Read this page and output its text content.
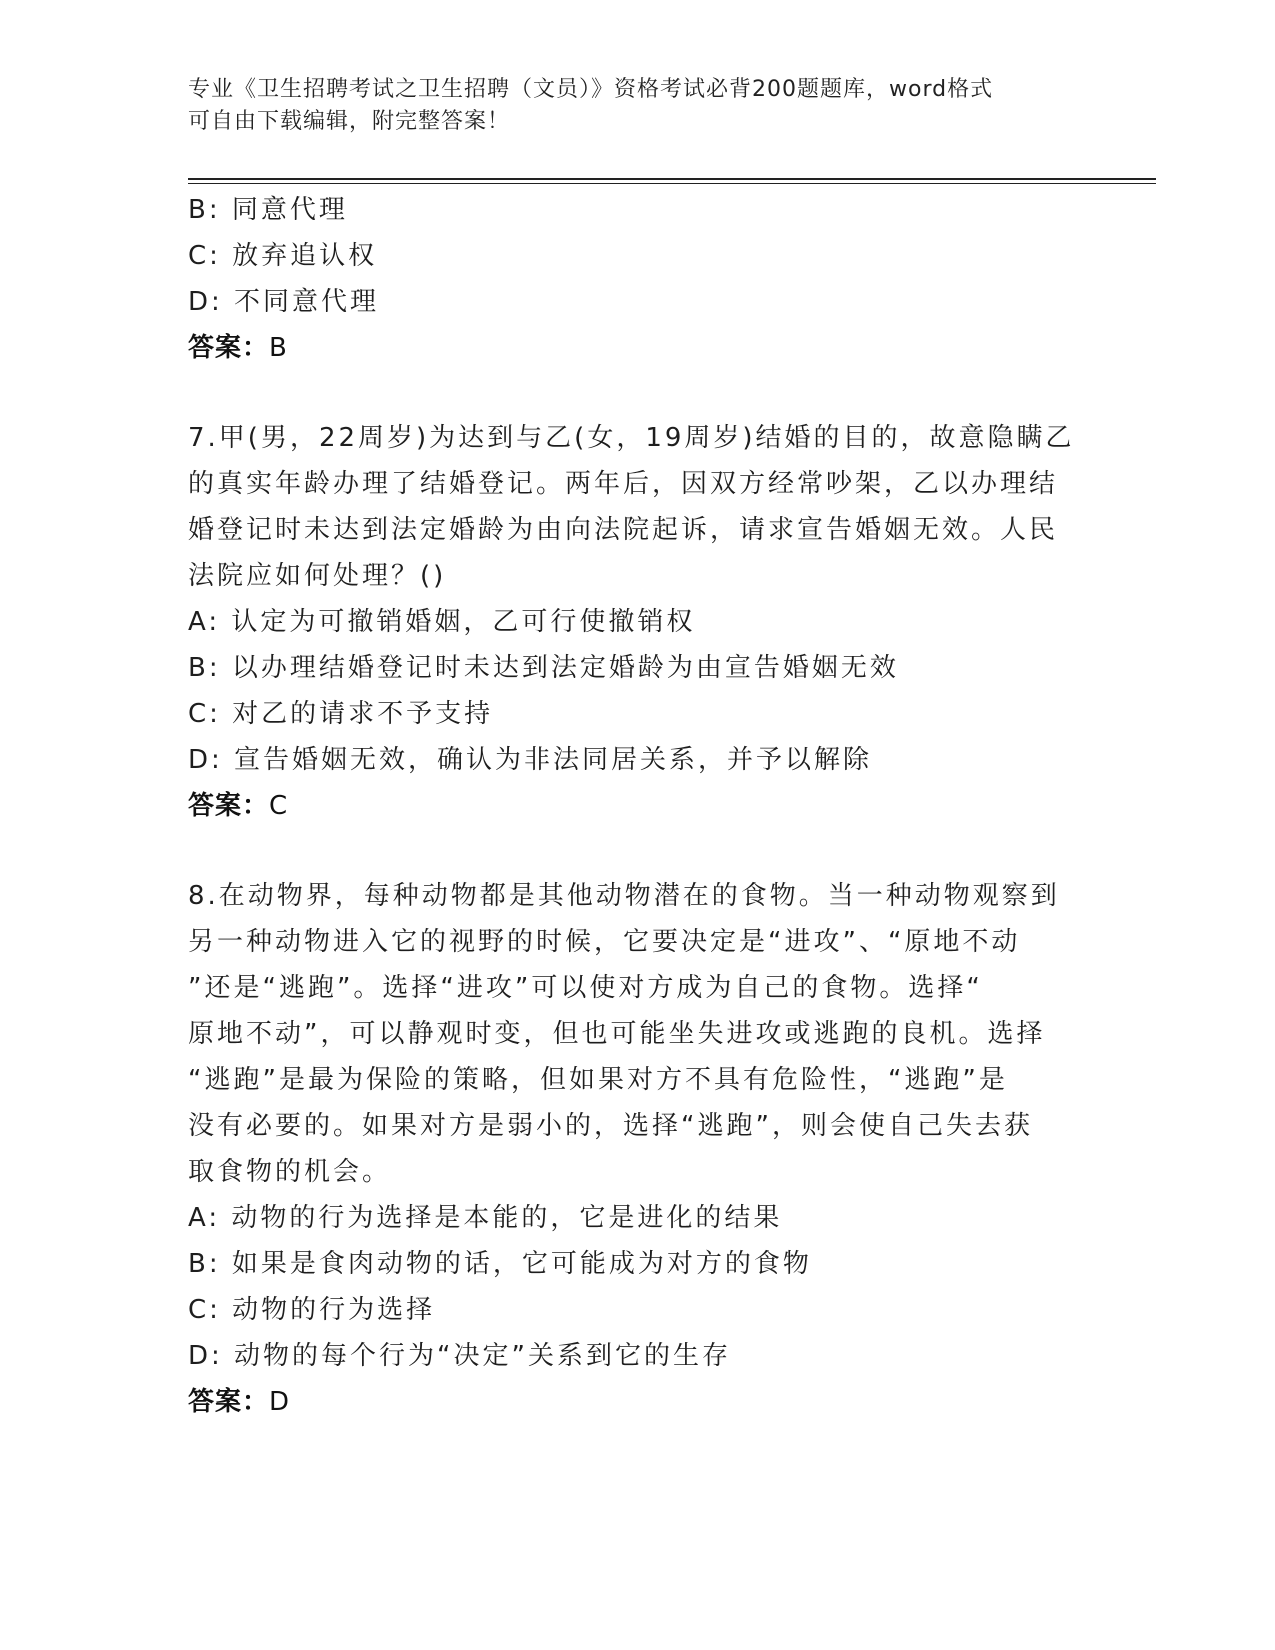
专业《卫生招聘考试之卫生招聘（文员）》资格考试必背200题题库，word格式
可自由下载编辑，附完整答案！
B: 同意代理
C: 放弃追认权
D: 不同意代理
答案：B
7.甲(男，22周岁)为达到与乙(女，19周岁)结婚的目的，故意隐瞒乙
的真实年龄办理了结婚登记。两年后，因双方经常吵架，乙以办理结
婚登记时未达到法定婚龄为由向法院起诉，请求宣告婚姻无效。人民
法院应如何处理？()
A: 认定为可撤销婚姻，乙可行使撤销权
B: 以办理结婚登记时未达到法定婚龄为由宣告婚姻无效
C: 对乙的请求不予支持
D: 宣告婚姻无效，确认为非法同居关系，并予以解除
答案：C
8.在动物界，每种动物都是其他动物潜在的食物。当一种动物观察到
另一种动物进入它的视野的时候，它要决定是“进攻”、“原地不动
”还是“逃跑”。选择“进攻”可以使对方成为自己的食物。选择“
原地不动”，可以静观时变，但也可能坐失进攻或逃跑的良机。选择
“逃跑”是最为保险的策略，但如果对方不具有危险性，“逃跑”是
没有必要的。如果对方是弱小的，选择“逃跑”，则会使自己失去获
取食物的机会。
A: 动物的行为选择是本能的，它是进化的结果
B: 如果是食肉动物的话，它可能成为对方的食物
C: 动物的行为选择
D: 动物的每个行为“决定”关系到它的生存
答案：D
